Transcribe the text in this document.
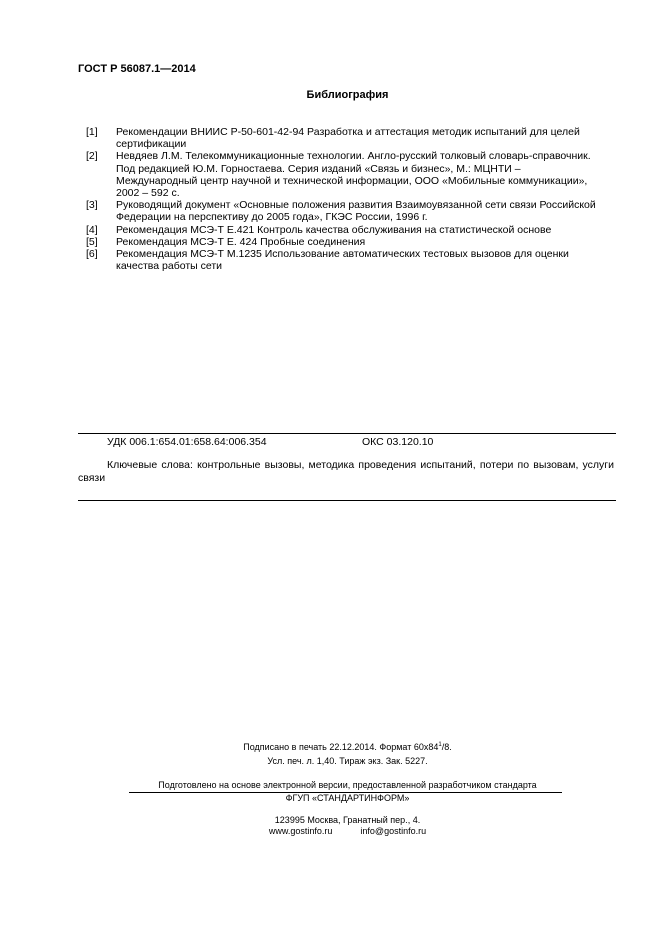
ГОСТ Р 56087.1—2014
Библиография
[1]	Рекомендации ВНИИС Р-50-601-42-94 Разработка и аттестация методик испытаний для целей сертификации
[2]	Невдяев Л.М. Телекоммуникационные технологии. Англо-русский толковый словарь-справочник. Под редакцией Ю.М. Горностаева. Серия изданий «Связь и бизнес», М.: МЦНТИ – Международный центр научной и технической информации, ООО «Мобильные коммуникации», 2002 – 592 с.
[3]	Руководящий документ «Основные положения развития Взаимоувязанной сети связи Российской Федерации на перспективу до 2005 года», ГКЭС России, 1996 г.
[4]	Рекомендация МСЭ-Т Е.421 Контроль качества обслуживания на статистической основе
[5]	Рекомендация МСЭ-Т Е. 424 Пробные соединения
[6]	Рекомендация МСЭ-Т М.1235 Использование автоматических тестовых вызовов для оценки качества работы сети
УДК 006.1:654.01:658.64:006.354	ОКС 03.120.10
Ключевые слова: контрольные вызовы, методика проведения испытаний, потери по вызовам, услуги связи
Подписано в печать 22.12.2014. Формат $60х84^1/8$.
Усл. печ. л. 1,40. Тираж экз. Зак. 5227.
Подготовлено на основе электронной версии, предоставленной разработчиком стандарта
ФГУП «СТАНДАРТИНФОРМ»
123995 Москва, Гранатный пер., 4.
www.gostinfo.ru	info@gostinfo.ru
